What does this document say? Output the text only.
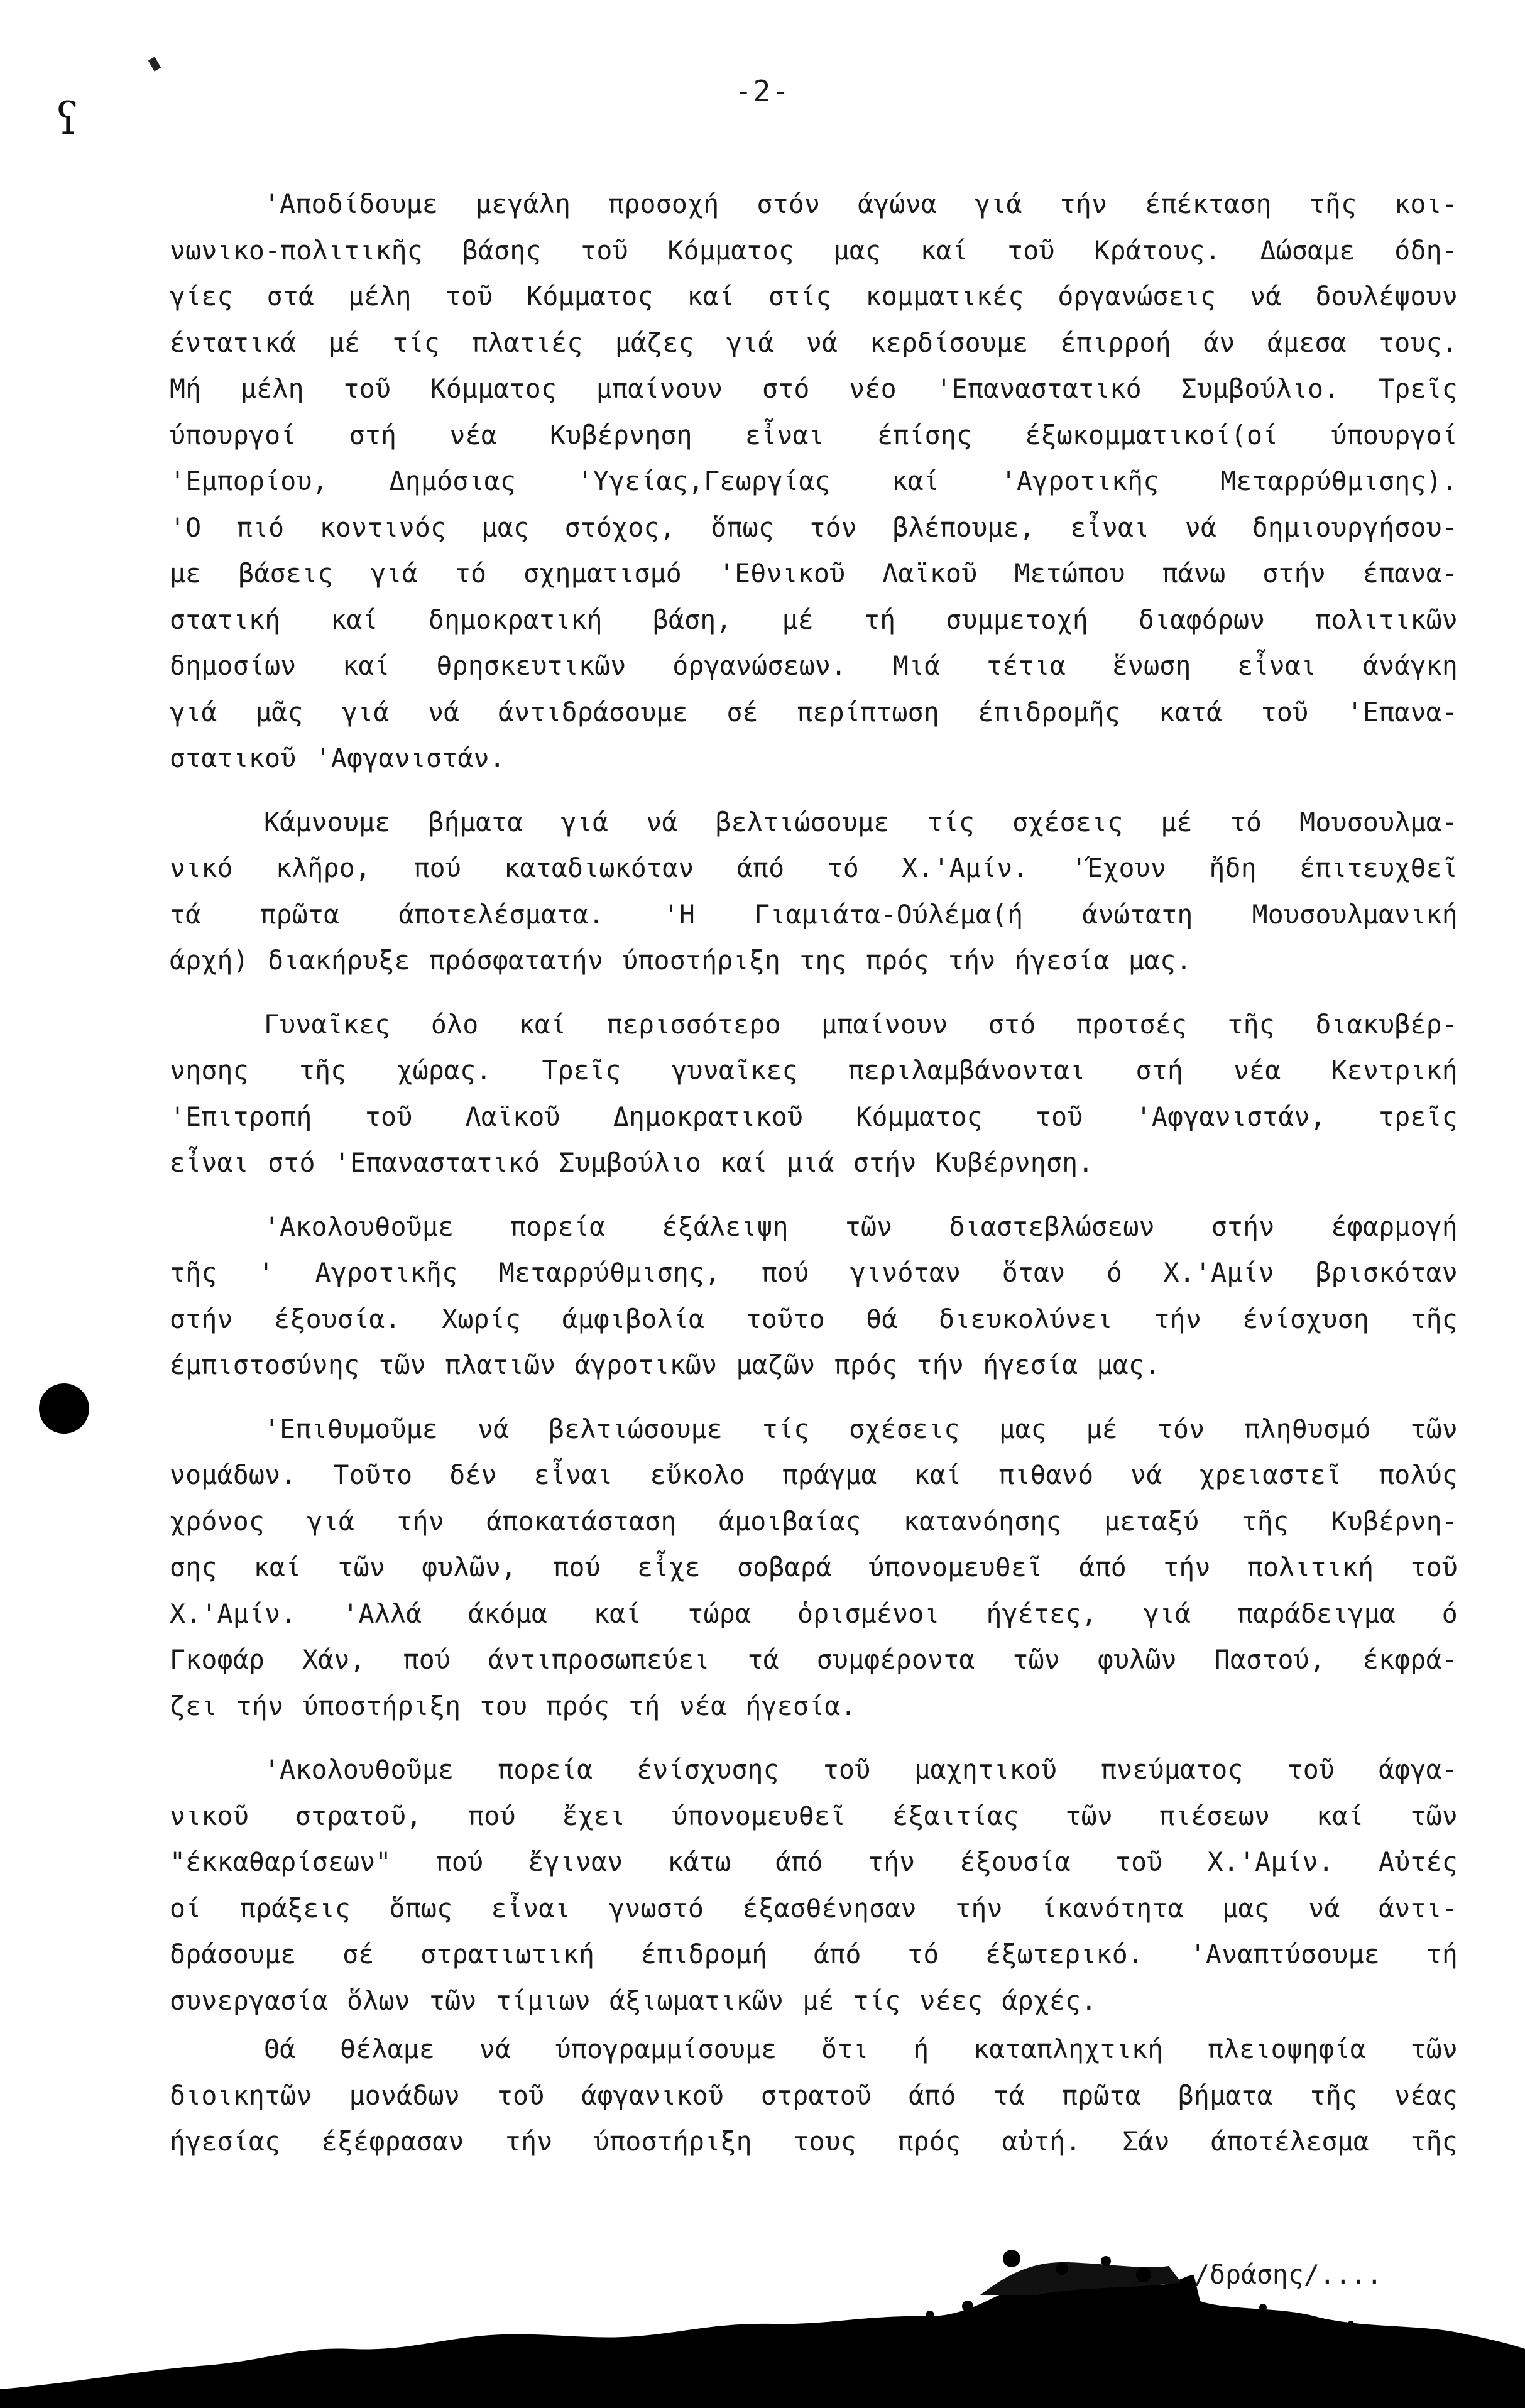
ʕ
-2-
'Αποδίδουμε μεγάλη προσοχή στόν άγώνα γιά τήν έπέκταση τῆς κοι-
νωνικο-πολιτικῆς βάσης τοῦ Κόμματος μας καί τοῦ Κράτους. Δώσαμε όδη-
γίες στά μέλη τοῦ Κόμματος καί στίς κομματικές όργανώσεις νά δουλέψουν
έντατικά μέ τίς πλατιές μάζες γιά νά κερδίσουμε έπιρροή άν άμεσα τους.
Μή μέλη τοῦ Κόμματος μπαίνουν στό νέο 'Επαναστατικό Συμβούλιο. Τρεῖς
ύπουργοί στή νέα Κυβέρνηση εἶναι έπίσης έξωκομματικοί(οί ύπουργοί
'Εμπορίου, Δημόσιας 'Υγείας,Γεωργίας καί 'Αγροτικῆς Μεταρρύθμισης).
'Ο πιό κοντινός μας στόχος, ὅπως τόν βλέπουμε, εἶναι νά δημιουργήσου-
με βάσεις γιά τό σχηματισμό 'Εθνικοῦ Λαϊκοῦ Μετώπου πάνω στήν έπανα-
στατική καί δημοκρατική βάση, μέ τή συμμετοχή διαφόρων πολιτικῶν
δημοσίων καί θρησκευτικῶν όργανώσεων. Μιά τέτια ἕνωση εἶναι άνάγκη
γιά μᾶς γιά νά άντιδράσουμε σέ περίπτωση έπιδρομῆς κατά τοῦ 'Επανα-
στατικοῦ 'Αφγανιστάν.
Κάμνουμε βήματα γιά νά βελτιώσουμε τίς σχέσεις μέ τό Μουσουλμα-
νικό κλῆρο, πού καταδιωκόταν άπό τό Χ.'Αμίν. 'Έχουν ἤδη έπιτευχθεῖ
τά πρῶτα άποτελέσματα. 'Η Γιαμιάτα-Ούλέμα(ή άνώτατη Μουσουλμανική
άρχή) διακήρυξε πρόσφατατήν ύποστήριξη της πρός τήν ήγεσία μας.
Γυναῖκες όλο καί περισσότερο μπαίνουν στό προτσές τῆς διακυβέρ-
νησης τῆς χώρας. Τρεῖς γυναῖκες περιλαμβάνονται στή νέα Κεντρική
'Επιτροπή τοῦ Λαϊκοῦ Δημοκρατικοῦ Κόμματος τοῦ 'Αφγανιστάν, τρεῖς
εἶναι στό 'Επαναστατικό Συμβούλιο καί μιά στήν Κυβέρνηση.
'Ακολουθοῦμε πορεία έξάλειψη τῶν διαστεβλώσεων στήν έφαρμογή
τῆς ' Αγροτικῆς Μεταρρύθμισης, πού γινόταν ὅταν ό Χ.'Αμίν βρισκόταν
στήν έξουσία. Χωρίς άμφιβολία τοῦτο θά διευκολύνει τήν ένίσχυση τῆς
έμπιστοσύνης τῶν πλατιῶν άγροτικῶν μαζῶν πρός τήν ήγεσία μας.
'Επιθυμοῦμε νά βελτιώσουμε τίς σχέσεις μας μέ τόν πληθυσμό τῶν
νομάδων. Τοῦτο δέν εἶναι εὔκολο πράγμα καί πιθανό νά χρειαστεῖ πολύς
χρόνος γιά τήν άποκατάσταση άμοιβαίας κατανόησης μεταξύ τῆς Κυβέρνη-
σης καί τῶν φυλῶν, πού εἶχε σοβαρά ύπονομευθεῖ άπό τήν πολιτική τοῦ
Χ.'Αμίν. 'Αλλά άκόμα καί τώρα ὁρισμένοι ήγέτες, γιά παράδειγμα ό
Γκοφάρ Χάν, πού άντιπροσωπεύει τά συμφέροντα τῶν φυλῶν Παστού, έκφρά-
ζει τήν ύποστήριξη του πρός τή νέα ήγεσία.
'Ακολουθοῦμε πορεία ένίσχυσης τοῦ μαχητικοῦ πνεύματος τοῦ άφγα-
νικοῦ στρατοῦ, πού ἔχει ύπονομευθεῖ έξαιτίας τῶν πιέσεων καί τῶν
"έκκαθαρίσεων" πού ἔγιναν κάτω άπό τήν έξουσία τοῦ Χ.'Αμίν. Αὐτές
οί πράξεις ὅπως εἶναι γνωστό έξασθένησαν τήν ίκανότητα μας νά άντι-
δράσουμε σέ στρατιωτική έπιδρομή άπό τό έξωτερικό. 'Αναπτύσουμε τή
συνεργασία ὅλων τῶν τίμιων άξιωματικῶν μέ τίς νέες άρχές.
Θά θέλαμε νά ύπογραμμίσουμε ὅτι ή καταπληχτική πλειοψηφία τῶν
διοικητῶν μονάδων τοῦ άφγανικοῦ στρατοῦ άπό τά πρῶτα βήματα τῆς νέας
ήγεσίας έξέφρασαν τήν ύποστήριξη τους πρός αὐτή. Σάν άποτέλεσμα τῆς
/δράσης/....
